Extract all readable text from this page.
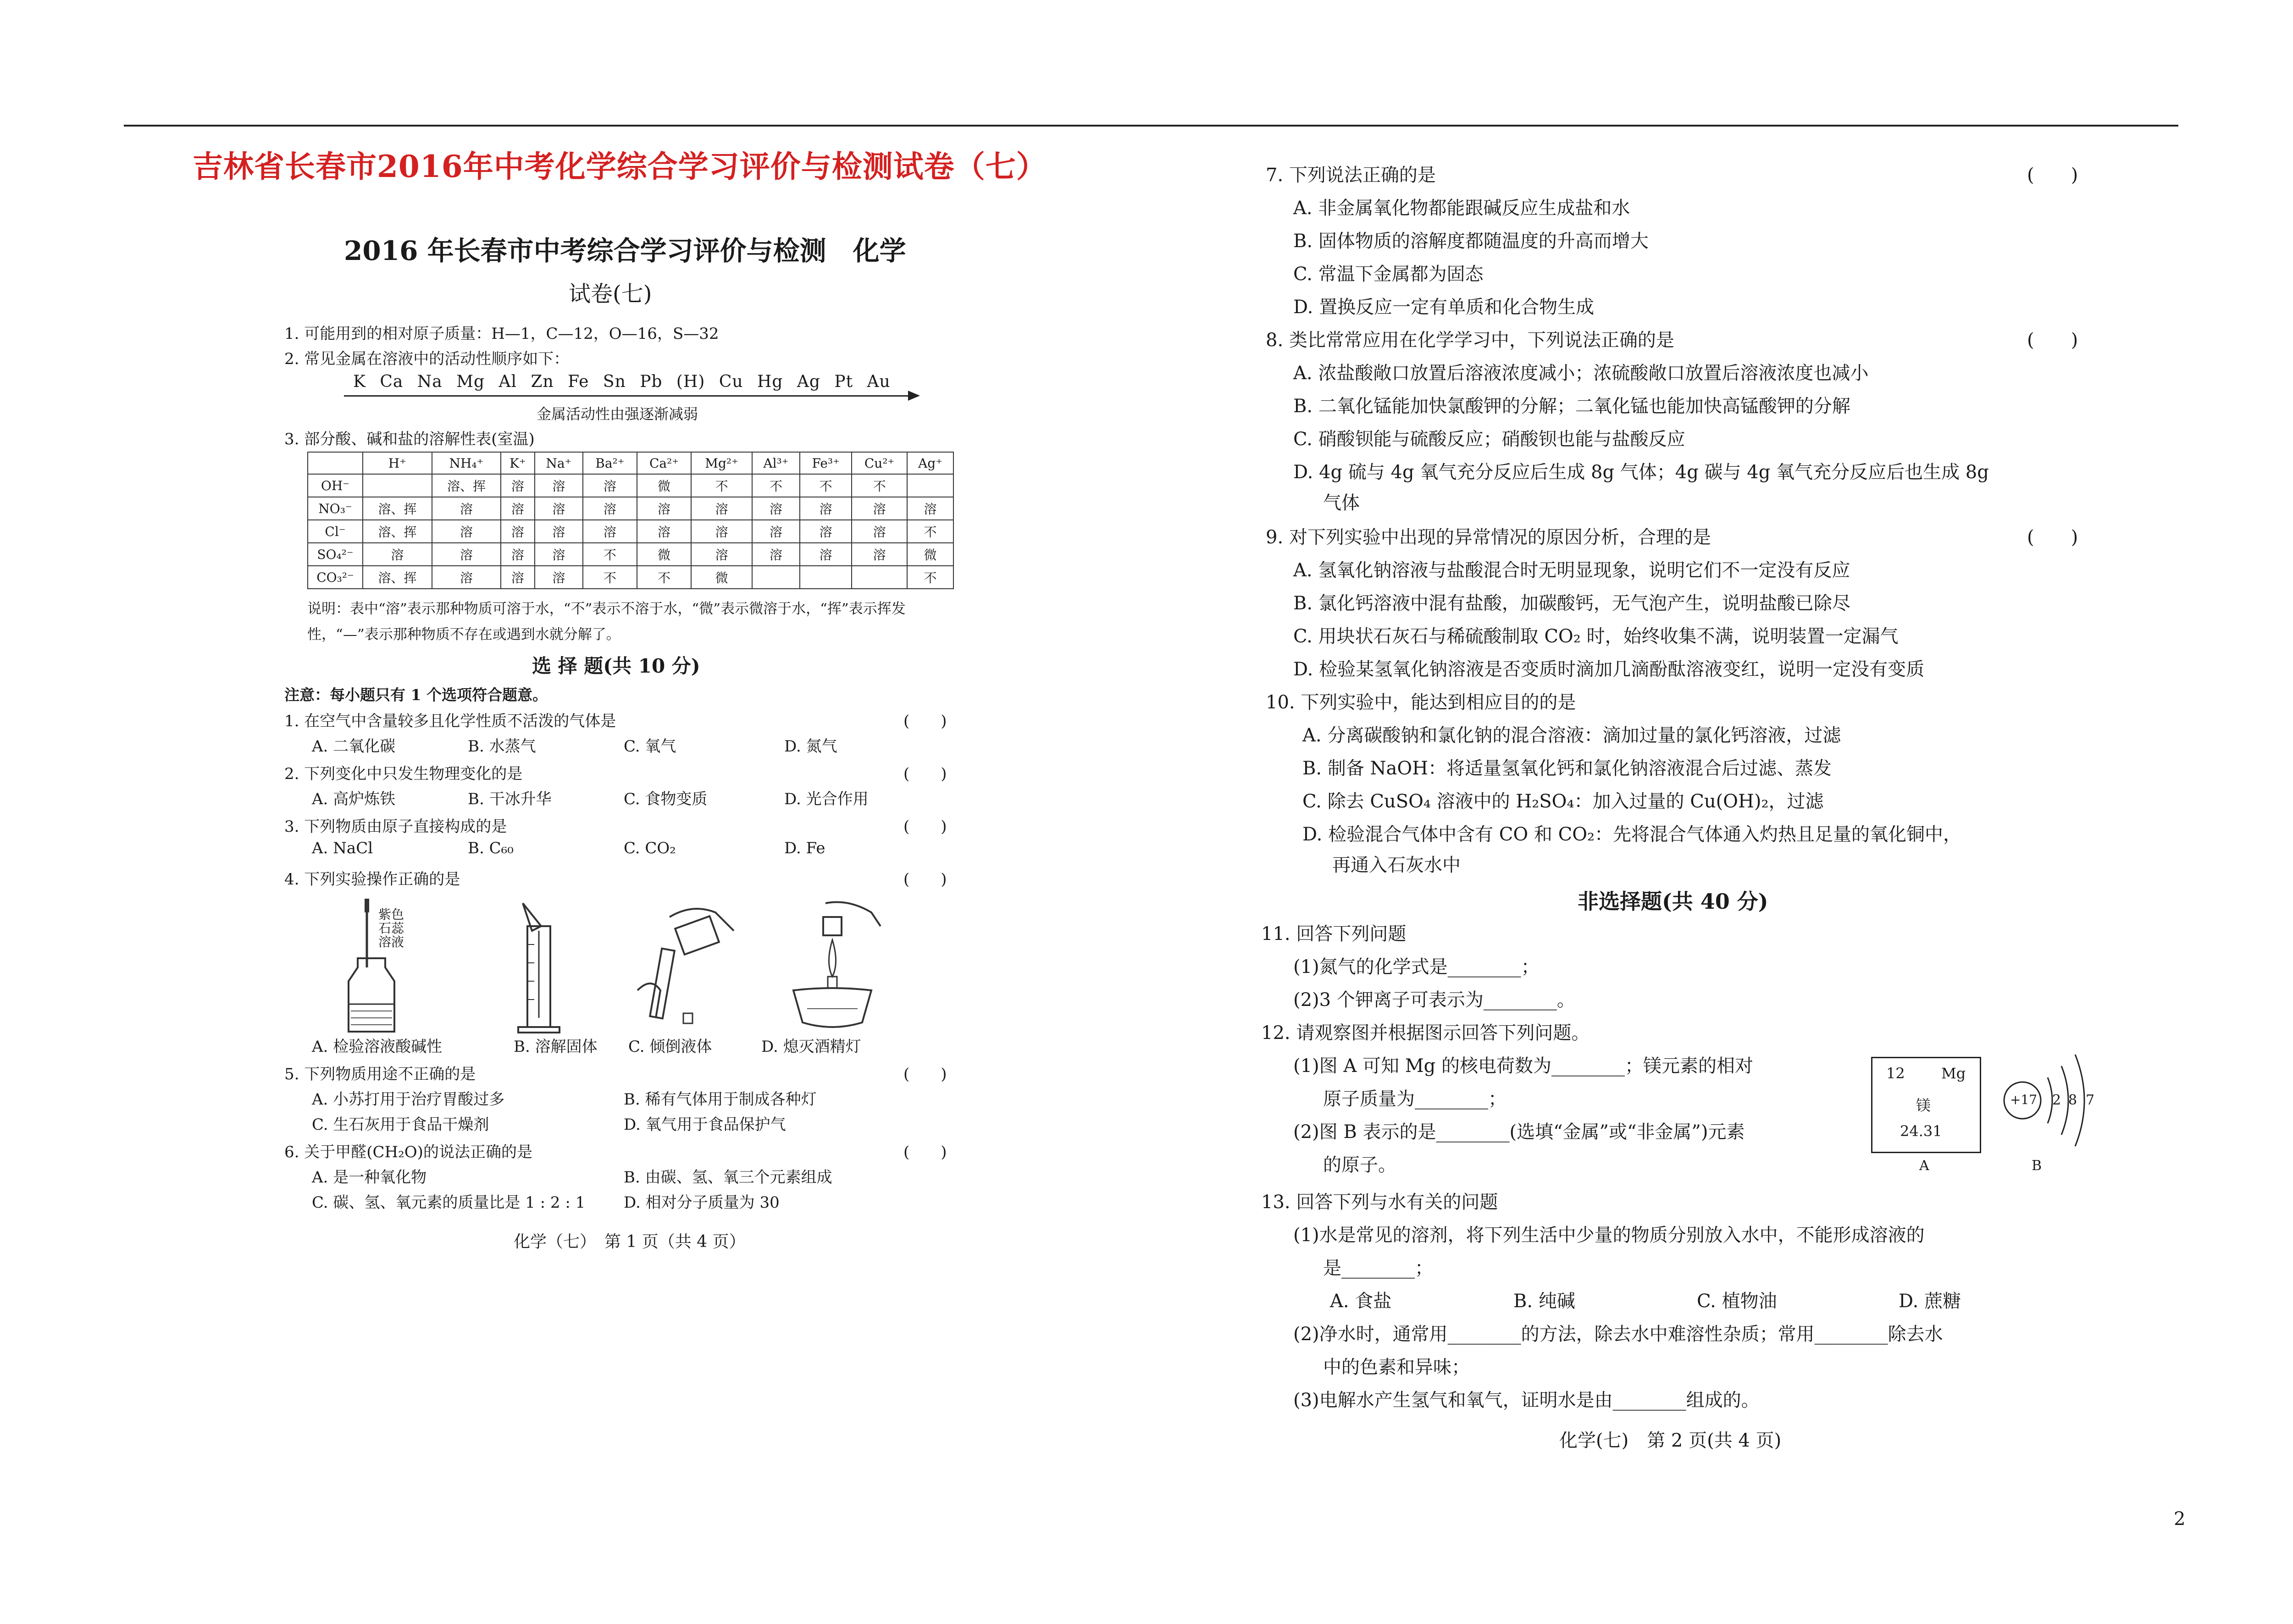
吉林省长春市2016年中考化学综合学习评价与检测试卷（七）
2016 年长春市中考综合学习评价与检测　化学
试卷(七)
1. 可能用到的相对原子质量：H—1，C—12，O—16，S—32
2. 常见金属在溶液中的活动性顺序如下：
K Ca Na Mg Al Zn Fe Sn Pb (H) Cu Hg Ag Pt Au
金属活动性由强逐渐减弱
3. 部分酸、碱和盐的溶解性表(室温)
	H⁺	NH₄⁺	K⁺	Na⁺	Ba²⁺	Ca²⁺	Mg²⁺	Al³⁺	Fe³⁺	Cu²⁺	Ag⁺
OH⁻		溶、挥	溶	溶	溶	微	不	不	不	不	
NO₃⁻	溶、挥	溶	溶	溶	溶	溶	溶	溶	溶	溶	溶
Cl⁻	溶、挥	溶	溶	溶	溶	溶	溶	溶	溶	溶	不
SO₄²⁻	溶	溶	溶	溶	不	微	溶	溶	溶	溶	微
CO₃²⁻	溶、挥	溶	溶	溶	不	不	微				不
说明：表中“溶”表示那种物质可溶于水，“不”表示不溶于水，“微”表示微溶于水，“挥”表示挥发性，“—”表示那种物质不存在或遇到水就分解了。
选 择 题(共 10 分)
注意：每小题只有 1 个选项符合题意。
1. 在空气中含量较多且化学性质不活泼的气体是	(　　)
A. 二氧化碳	B. 水蒸气	C. 氧气	D. 氮气
2. 下列变化中只发生物理变化的是	(　　)
A. 高炉炼铁	B. 干冰升华	C. 食物变质	D. 光合作用
3. 下列物质由原子直接构成的是	(　　)
A. NaCl	B. C₆₀	C. CO₂	D. Fe
4. 下列实验操作正确的是	(　　)
紫色
石蕊
溶液
A. 检验溶液酸碱性	B. 溶解固体 C. 倾倒液体	D. 熄灭酒精灯
5. 下列物质用途不正确的是	(　　)
A. 小苏打用于治疗胃酸过多	B. 稀有气体用于制成各种灯
C. 生石灰用于食品干燥剂	D. 氧气用于食品保护气
6. 关于甲醛(CH₂O)的说法正确的是	(　　)
A. 是一种氧化物	B. 由碳、氢、氧三个元素组成
C. 碳、氢、氧元素的质量比是 1 : 2 : 1 D. 相对分子质量为 30
化学（七）　第 1 页（共 4 页）
7. 下列说法正确的是	(　　)
A. 非金属氧化物都能跟碱反应生成盐和水
B. 固体物质的溶解度都随温度的升高而增大
C. 常温下金属都为固态
D. 置换反应一定有单质和化合物生成
8. 类比常常应用在化学学习中，下列说法正确的是	(　　)
A. 浓盐酸敞口放置后溶液浓度减小；浓硫酸敞口放置后溶液浓度也减小
B. 二氧化锰能加快氯酸钾的分解；二氧化锰也能加快高锰酸钾的分解
C. 硝酸钡能与硫酸反应；硝酸钡也能与盐酸反应
D. 4g 硫与 4g 氧气充分反应后生成 8g 气体；4g 碳与 4g 氧气充分反应后也生成 8g
气体
9. 对下列实验中出现的异常情况的原因分析，合理的是	(　　)
A. 氢氧化钠溶液与盐酸混合时无明显现象，说明它们不一定没有反应
B. 氯化钙溶液中混有盐酸，加碳酸钙，无气泡产生，说明盐酸已除尽
C. 用块状石灰石与稀硫酸制取 CO₂ 时，始终收集不满，说明装置一定漏气
D. 检验某氢氧化钠溶液是否变质时滴加几滴酚酞溶液变红，说明一定没有变质
10. 下列实验中，能达到相应目的的是
A. 分离碳酸钠和氯化钠的混合溶液：滴加过量的氯化钙溶液，过滤
B. 制备 NaOH：将适量氢氧化钙和氯化钠溶液混合后过滤、蒸发
C. 除去 CuSO₄ 溶液中的 H₂SO₄：加入过量的 Cu(OH)₂，过滤
D. 检验混合气体中含有 CO 和 CO₂：先将混合气体通入灼热且足量的氧化铜中，
再通入石灰水中
非选择题(共 40 分)
11. 回答下列问题
(1)氮气的化学式是________；
(2)3 个钾离子可表示为________。
12. 请观察图并根据图示回答下列问题。
(1)图 A 可知 Mg 的核电荷数为________；镁元素的相对
原子质量为________；
(2)图 B 表示的是________(选填“金属”或“非金属”)元素
的原子。
12 Mg
镁
24.31
A
+17 2 8 7
B
13. 回答下列与水有关的问题
(1)水是常见的溶剂，将下列生活中少量的物质分别放入水中，不能形成溶液的
是________；
A. 食盐	B. 纯碱	C. 植物油	D. 蔗糖
(2)净水时，通常用________的方法，除去水中难溶性杂质；常用________除去水
中的色素和异味；
(3)电解水产生氢气和氧气，证明水是由________组成的。
化学(七)　第 2 页(共 4 页)
2
